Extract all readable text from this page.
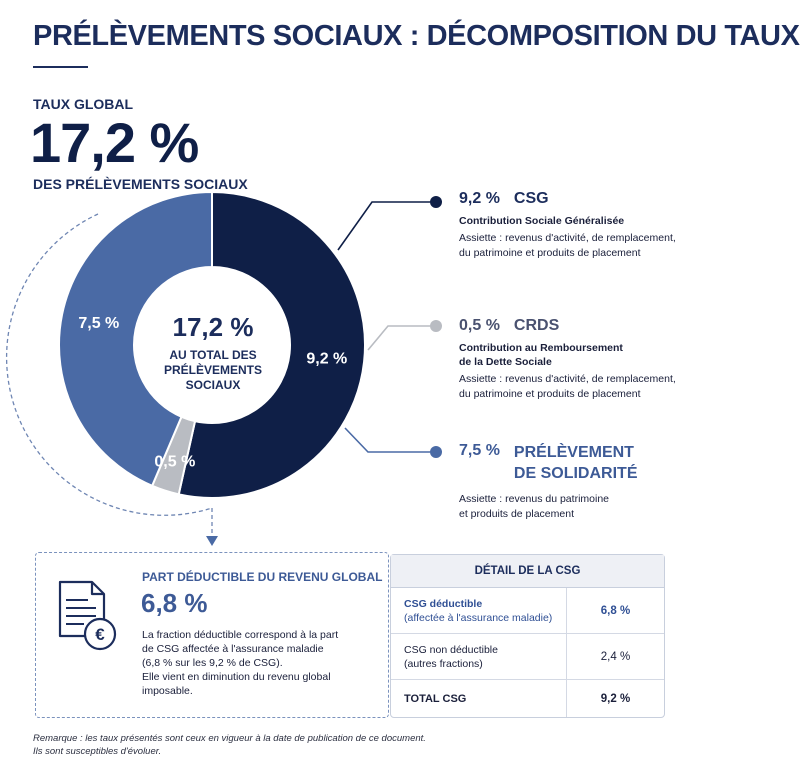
PRÉLÈVEMENTS SOCIAUX : DÉCOMPOSITION DU TAUX
TAUX GLOBAL
17,2 %
DES PRÉLÈVEMENTS SOCIAUX
9,2 %
0,5 %
7,5 %	17,2 %
AU TOTAL DES
PRÉLÈVEMENTS
SOCIAUX
9,2 % CSG
Contribution Sociale Généralisée
Assiette : revenus d'activité, de remplacement,
du patrimoine et produits de placement
0,5 % CRDS
Contribution au Remboursement
de la Dette Sociale
Assiette : revenus d'activité, de remplacement,
du patrimoine et produits de placement
7,5 % PRÉLÈVEMENT
DE SOLIDARITÉ
Assiette : revenus du patrimoine
et produits de placement
€
PART DÉDUCTIBLE DU REVENU GLOBAL
6,8 %
La fraction déductible correspond à la part
de CSG affectée à l'assurance maladie
(6,8 % sur les 9,2 % de CSG).
Elle vient en diminution du revenu global
imposable.
DÉTAIL DE LA CSG
CSG déductible
(affectée à l'assurance maladie)
6,8 %
CSG non déductible
(autres fractions)
2,4 %
TOTAL CSG	9,2 %
Remarque : les taux présentés sont ceux en vigueur à la date de publication de ce document.
Ils sont susceptibles d'évoluer.
